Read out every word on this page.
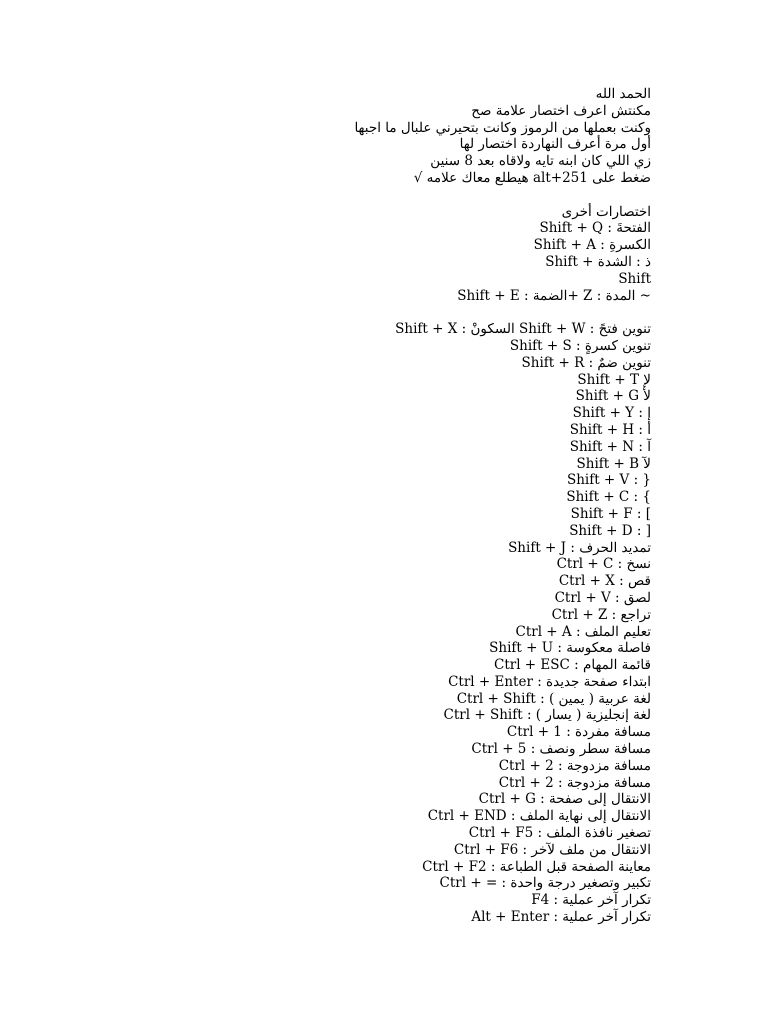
الحمد الله

مكنتش اعرف اختصار علامة صح

وكنت بعملها من الرموز وكانت بتحيرني علبال ما اجبها

أول مرة أعرف النهاردة اختصار لها

زي اللي كان ابنه تايه ولاقاه بعد 8 سنين

ضغط على alt+251 هيطلع معاك علامه √

اختصارات أخرى

Shift + Q : الفتحةَ

Shift + A : الكسرةِ

Shift + ذ : الشدة

Shift

Shift + E : الضمة+ Z : المدة ~

Shift + X : السكونْ Shift + W : تنوين فتحً

Shift + S : تنوين كسرةٍ

Shift + R : تنوين ضمٌ

Shift + T لإ

Shift + G لأ

Shift + Y : إ

Shift + H : أ

Shift + N : آ

Shift + B لآ

Shift + V : }

Shift + C : {

Shift + F : [

Shift + D : ]

Shift + J : تمديد الحرف

Ctrl + C : نسخ

Ctrl + X : قص

Ctrl + V : لصق

Ctrl + Z : تراجع

Ctrl + A : تعليم الملف

Shift + U : فاصلة معكوسة

Ctrl + ESC : قائمة المهام

Ctrl + Enter : ابتداء صفحة جديدة

Ctrl + Shift : لغة عربية ( يمين )

Ctrl + Shift : لغة إنجليزية ( يسار )

Ctrl + 1 : مسافة مفردة

Ctrl + 5 : مسافة سطر ونصف

Ctrl + 2 : مسافة مزدوجة

Ctrl + 2 : مسافة مزدوجة

Ctrl + G : الانتقال إلى صفحة

Ctrl + END : الانتقال إلى نهاية الملف

Ctrl + F5 : تصغير نافذة الملف

Ctrl + F6 : الانتقال من ملف لآخر

Ctrl + F2 : معاينة الصفحة قبل الطباعة

Ctrl + = : تكبير وتصغير درجة واحدة

F4 : تكرار آخر عملية

Alt + Enter : تكرار آخر عملية
